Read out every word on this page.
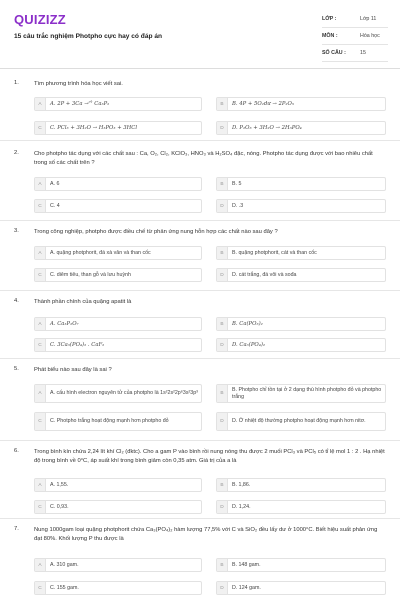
QUIZIZZ
15 câu trắc nghiệm Photpho cực hay có đáp án
LỚP :	Lớp 11
MÔN :	Hóa học
SỐ CÂU :	15
1.	Tìm phương trình hóa học viết sai.
A	A. 2P + 3Ca →ᵗ° Ca₃P₂	B	B. 4P + 5O₂dư → 2P₂O₅
C	C. PCl₃ + 3H₂O → H₃PO₃ + 3HCl	D	D. P₂O₃ + 3H₂O → 2H₃PO₄
2.	Cho photpho tác dụng với các chất sau : Ca, O₂, Cl₂, KClO₃, HNO₃ và H₂SO₄ đặc, nóng. Photpho tác dụng được với bao nhiêu chất trong số các chất trên ?
A	A. 6	B	B. 5
C	C. 4	D	D. .3
3.	Trong công nghiệp, photpho được điều chế từ phản ứng nung hỗn hợp các chất nào sau đây ?
A	A. quặng photphorit, đá xà vân và than cốc	B	B. quặng photphorit, cát và than cốc
C	C. diêm tiêu, than gỗ và lưu huỳnh	D	D. cát trắng, đá vôi và sođa
4.	Thành phần chính của quặng apatit là
A	A. Ca₃P₂O₇	B	B. Ca(PO₃)₂
C	C. 3Ca₃(PO₄)₂ . CaF₂	D	D. Ca₃(PO₄)₂
5.	Phát biểu nào sau đây là sai ?
A	A. cấu hình electron nguyên tử của photpho là 1s²2s²2p⁶3s²3p³	B
B. Photpho chỉ tồn tại ở 2 dạng thù hình photpho đỏ và photpho trắng
C	C. Photpho trắng hoạt động mạnh hơn photpho đỏ	D	D. Ở nhiệt độ thường photpho hoạt động mạnh hơn nitơ.
6.	Trong bình kín chứa 2,24 lít khí Cl₂ (đktc). Cho a gam P vào bình rồi nung nóng thu được 2 muối PCl₃ và PCl₅ có tỉ lệ mol 1 : 2 . Hạ nhiệt độ trong bình về 0°C, áp suất khí trong bình giảm còn 0,35 atm. Giá trị của a là
A	A. 1,55.	B	B. 1,86.
C	C. 0,93.	D	D. 1,24.
7.	Nung 1000gam loại quặng photphorit chứa Ca₃(PO₄)₂ hàm lượng 77,5% với C và SiO₂ đều lấy dư ở 1000°C. Biết hiệu suất phản ứng đạt 80%. Khối lượng P thu được là
A	A. 310 gam.	B	B. 148 gam.
C	C. 155 gam.	D	D. 124 gam.
